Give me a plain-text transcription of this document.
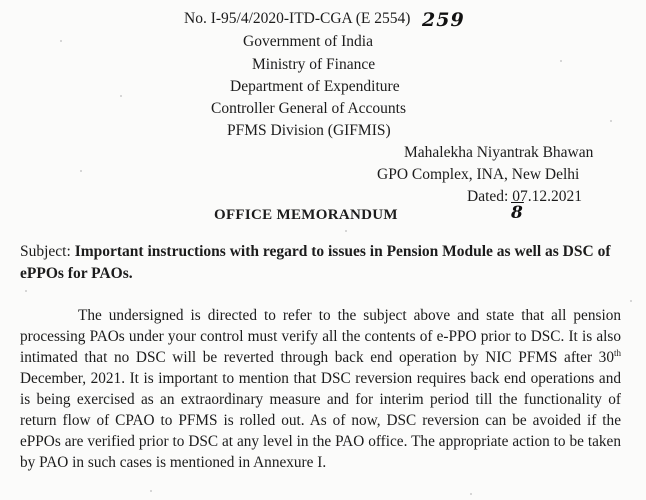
No. I-95/4/2020-ITD-CGA (E 2554) 259
Government of India
Ministry of Finance
Department of Expenditure
Controller General of Accounts
PFMS Division (GIFMIS)
Mahalekha Niyantrak Bhawan
GPO Complex, INA, New Delhi
Dated: 07.12.2021
OFFICE MEMORANDUM	8
Subject: Important instructions with regard to issues in Pension Module as well as DSC of ePPOs for PAOs.
The undersigned is directed to refer to the subject above and state that all pension processing PAOs under your control must verify all the contents of e-PPO prior to DSC. It is also intimated that no DSC will be reverted through back end operation by NIC PFMS after 30th December, 2021. It is important to mention that DSC reversion requires back end operations and is being exercised as an extraordinary measure and for interim period till the functionality of return flow of CPAO to PFMS is rolled out. As of now, DSC reversion can be avoided if the ePPOs are verified prior to DSC at any level in the PAO office. The appropriate action to be taken by PAO in such cases is mentioned in Annexure I.
